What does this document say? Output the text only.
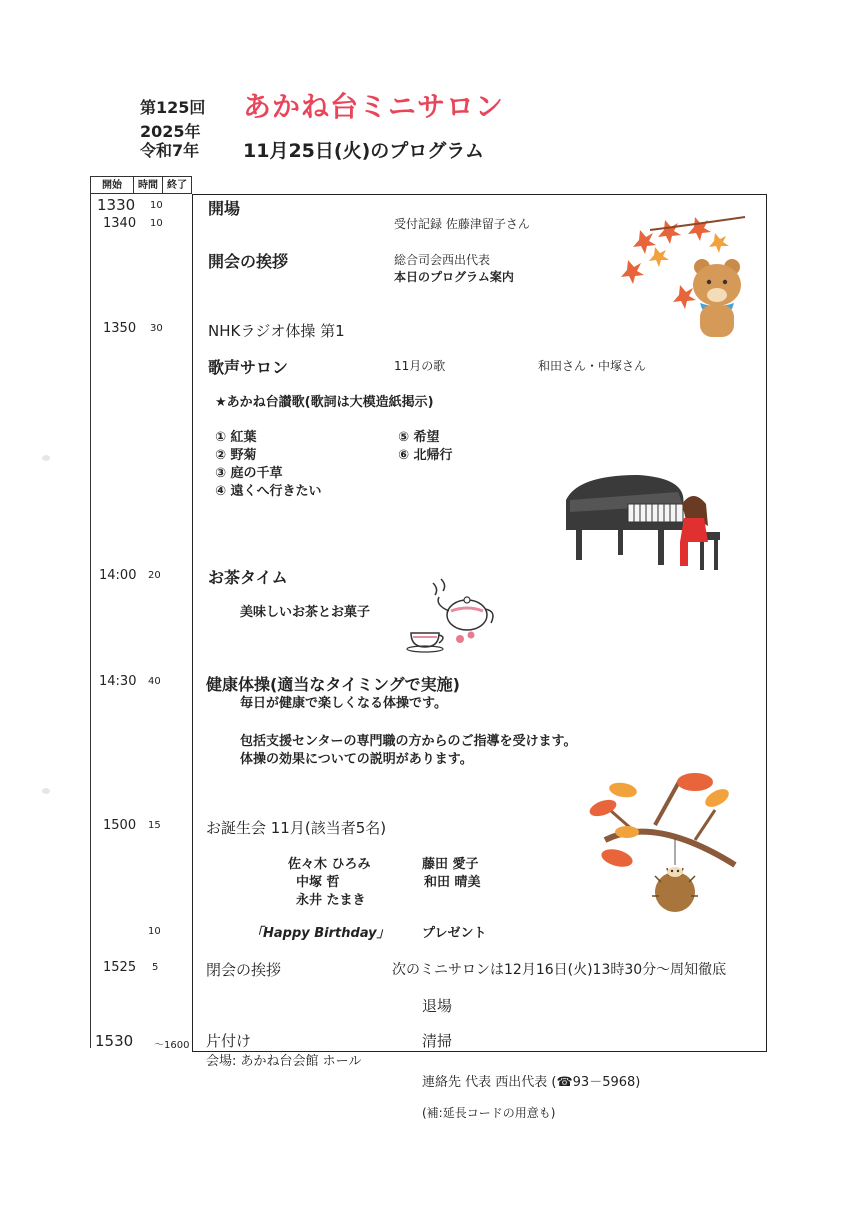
第125回 あかね台ミニサロン
2025年
令和7年 11月25日(火)のプログラム
開始	時間 終了
1330 10	開場
1340 10	受付記録 佐藤津留子さん
開会の挨拶	総合司会西出代表
本日のプログラム案内
1350 30	NHKラジオ体操 第1
歌声サロン	11月の歌	和田さん・中塚さん
★あかね台讃歌(歌詞は大模造紙掲示)
① 紅葉
② 野菊
③ 庭の千草
④ 遠くへ行きたい
⑤ 希望
⑥ 北帰行
14:00 20	お茶タイム
美味しいお茶とお菓子
14:30 40	健康体操(適当なタイミングで実施)
毎日が健康で楽しくなる体操です。
包括支援センターの専門職の方からのご指導を受けます。
体操の効果についての説明があります。
1500 15	お誕生会 11月(該当者5名)
佐々木 ひろみ
中塚 哲
永井 たまき
藤田 愛子
和田 晴美
10	「Happy Birthday」 プレゼント
1525 5	閉会の挨拶	次のミニサロンは12月16日(火)13時30分～周知徹底
退場
1530 ～1600 片付け	清掃
会場: あかね台会館 ホール
連絡先 代表 西出代表 (☎93－5968)
(補:延長コードの用意も)
